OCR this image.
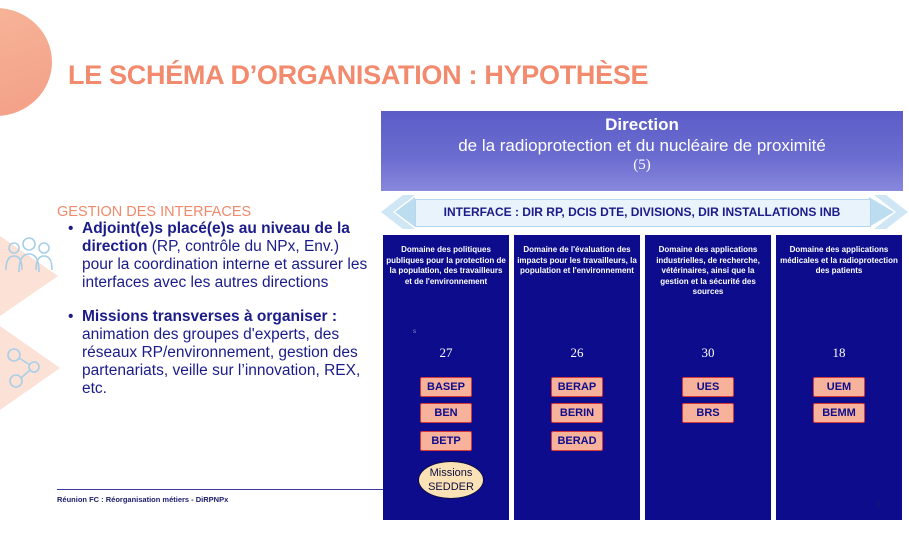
LE SCHÉMA D’ORGANISATION : HYPOTHÈSE
GESTION DES INTERFACES
• Adjoint(e)s placé(e)s au niveau de la direction (RP, contrôle du NPx, Env.) pour la coordination interne et assurer les interfaces avec les autres directions
• Missions transverses à organiser : animation des groupes d'experts, des réseaux RP/environnement, gestion des partenariats, veille sur l’innovation, REX, etc.
Réunion FC : Réorganisation métiers - DiRPNPx
Direction
de la radioprotection et du nucléaire de proximité
(5)
INTERFACE : DIR RP, DCIS DTE, DIVISIONS, DIR INSTALLATIONS INB
Domaine des politiques publiques pour la protection de la population, des travailleurs et de l'environnement
s
27
BASEP
BEN
BETP
Missions SEDDER
Domaine de l'évaluation des impacts pour les travailleurs, la population et l'environnement
26
BERAP
BERIN
BERAD
Domaine des applications industrielles, de recherche, vétérinaires, ainsi que la gestion et la sécurité des sources
30
UES
BRS
Domaine des applications médicales et la radioprotection des patients
18
UEM
BEMM
5
